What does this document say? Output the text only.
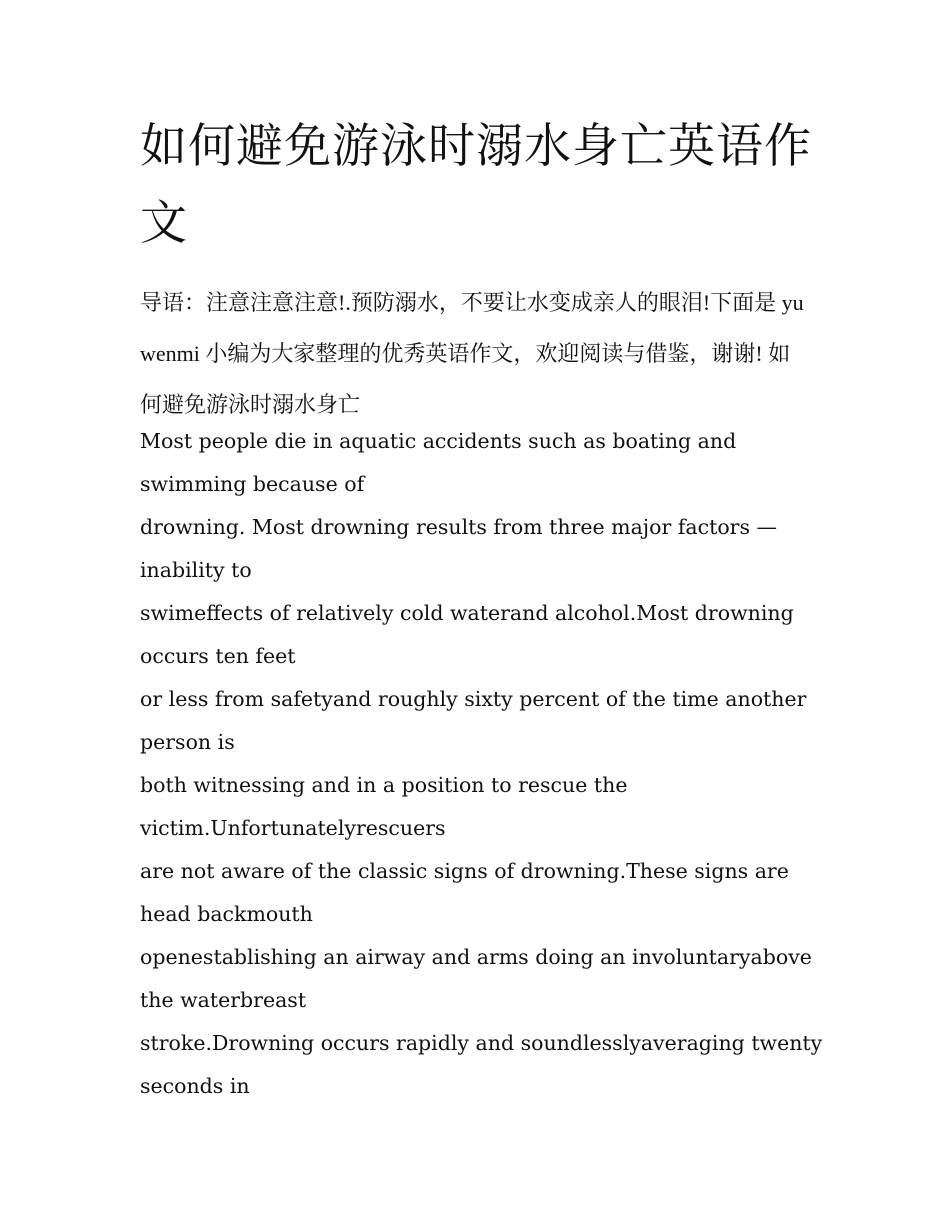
如何避免游泳时溺水身亡英语作文

导语：注意注意注意!.预防溺水，不要让水变成亲人的眼泪!下面是 yuwenmi 小编为大家整理的优秀英语作文，欢迎阅读与借鉴，谢谢! 如何避免游泳时溺水身亡

Most people die in aquatic accidents such as boating and

swimming because of

drowning. Most drowning results from three major factors —

inability to

swimeffects of relatively cold waterand alcohol.Most drowning

occurs ten feet

or less from safetyand roughly sixty percent of the time another

person is

both witnessing and in a position to rescue the

victim.Unfortunatelyrescuers

are not aware of the classic signs of drowning.These signs are

head backmouth

openestablishing an airway and arms doing an involuntaryabove

the waterbreast

stroke.Drowning occurs rapidly and soundlesslyaveraging twenty

seconds in
